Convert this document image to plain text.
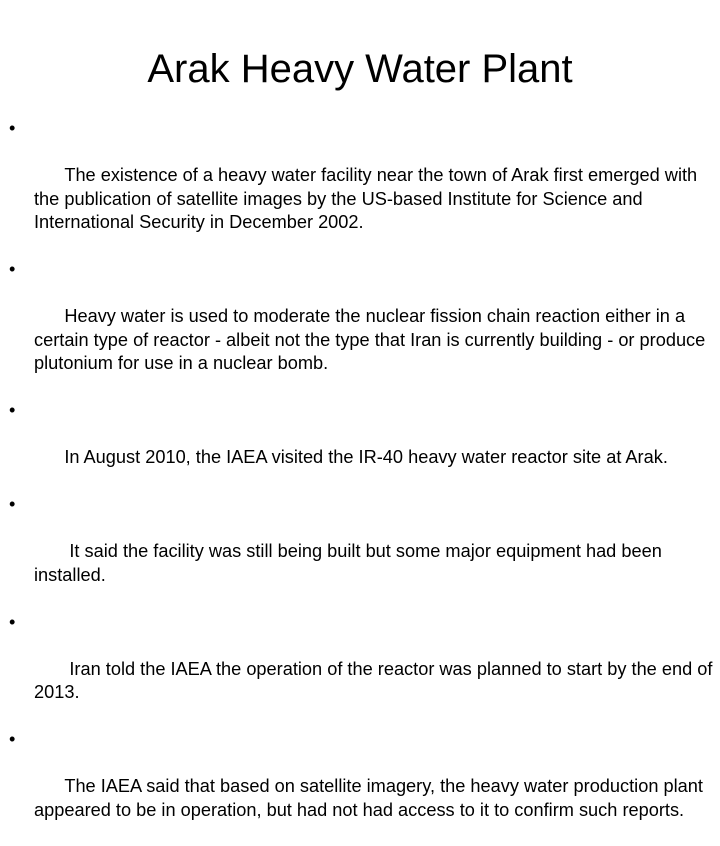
Arak Heavy Water Plant

•

The existence of a heavy water facility near the town of Arak first emerged with the publication of satellite images by the US-based Institute for Science and International Security in December 2002.

•

Heavy water is used to moderate the nuclear fission chain reaction either in a certain type of reactor - albeit not the type that Iran is currently building - or produce plutonium for use in a nuclear bomb.

•

In August 2010, the IAEA visited the IR-40 heavy water reactor site at Arak.

•

It said the facility was still being built but some major equipment had been installed.

•

Iran told the IAEA the operation of the reactor was planned to start by the end of 2013.

•

The IAEA said that based on satellite imagery, the heavy water production plant appeared to be in operation, but had not had access to it to confirm such reports.
